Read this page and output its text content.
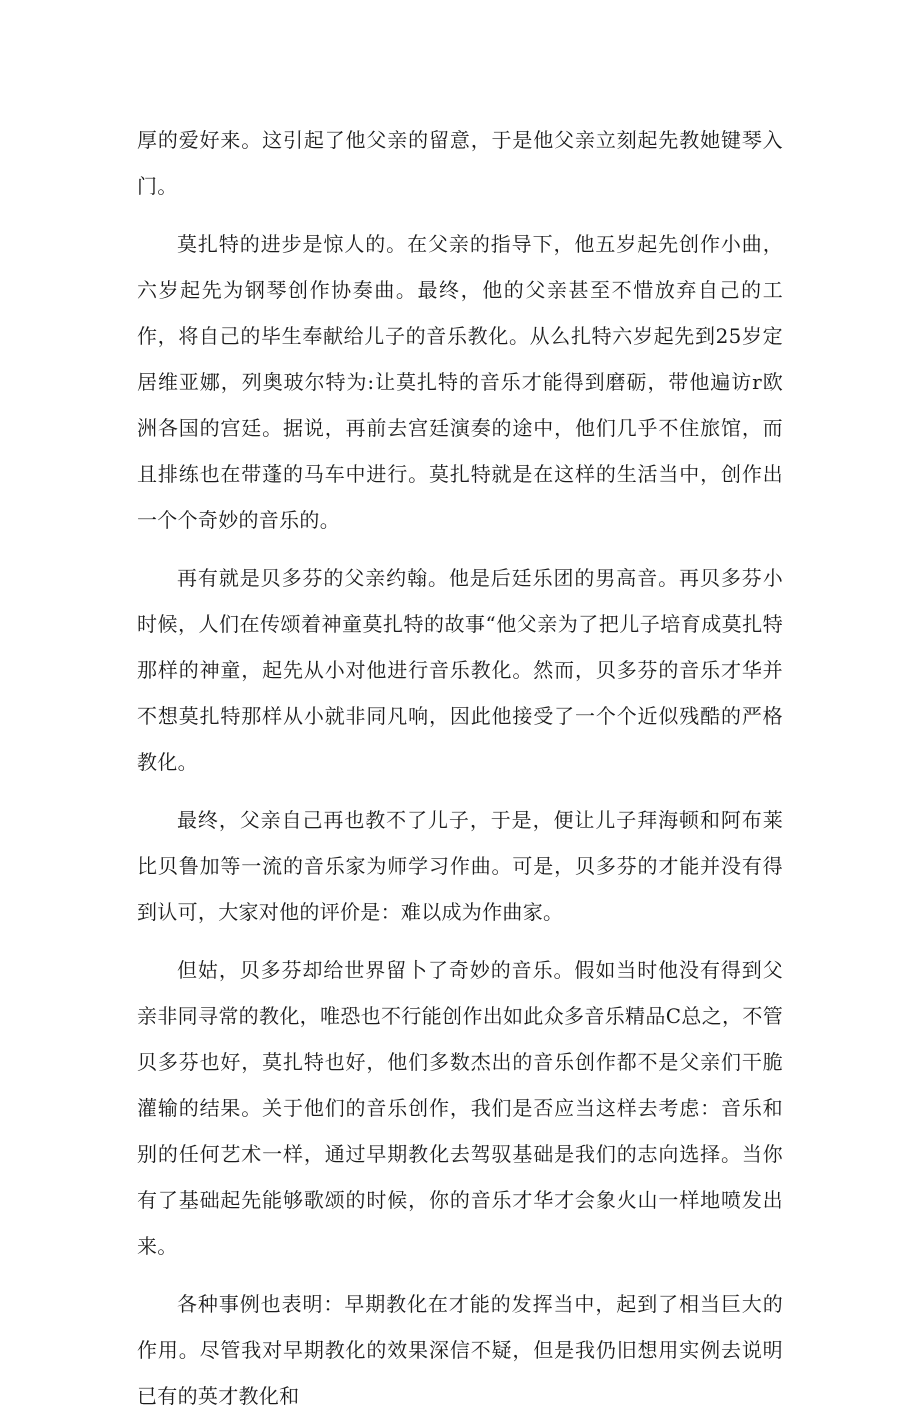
厚的爱好来。这引起了他父亲的留意，于是他父亲立刻起先教她键琴入门。

莫扎特的进步是惊人的。在父亲的指导下，他五岁起先创作小曲，六岁起先为钢琴创作协奏曲。最终，他的父亲甚至不惜放弃自己的工作，将自己的毕生奉献给儿子的音乐教化。从么扎特六岁起先到25岁定居维亚娜，列奥玻尔特为:让莫扎特的音乐才能得到磨砺，带他遍访r欧洲各国的宫廷。据说，再前去宫廷演奏的途中，他们几乎不住旅馆，而且排练也在带蓬的马车中进行。莫扎特就是在这样的生活当中，创作出一个个奇妙的音乐的。

再有就是贝多芬的父亲约翰。他是后廷乐团的男高音。再贝多芬小时候，人们在传颂着神童莫扎特的故事“他父亲为了把儿子培育成莫扎特那样的神童，起先从小对他进行音乐教化。然而，贝多芬的音乐才华并不想莫扎特那样从小就非同凡响，因此他接受了一个个近似残酷的严格教化。

最终，父亲自己再也教不了儿子，于是，便让儿子拜海顿和阿布莱比贝鲁加等一流的音乐家为师学习作曲。可是，贝多芬的才能并没有得到认可，大家对他的评价是：难以成为作曲家。

但姑，贝多芬却给世界留卜了奇妙的音乐。假如当时他没有得到父亲非同寻常的教化，唯恐也不行能创作出如此众多音乐精品C总之，不管贝多芬也好，莫扎特也好，他们多数杰出的音乐创作都不是父亲们干脆灌输的结果。关于他们的音乐创作，我们是否应当这样去考虑：音乐和别的任何艺术一样，通过早期教化去驾驭基础是我们的志向选择。当你有了基础起先能够歌颂的时候，你的音乐才华才会象火山一样地喷发出来。

各种事例也表明：早期教化在才能的发挥当中，起到了相当巨大的作用。尽管我对早期教化的效果深信不疑，但是我仍旧想用实例去说明已有的英才教化和
